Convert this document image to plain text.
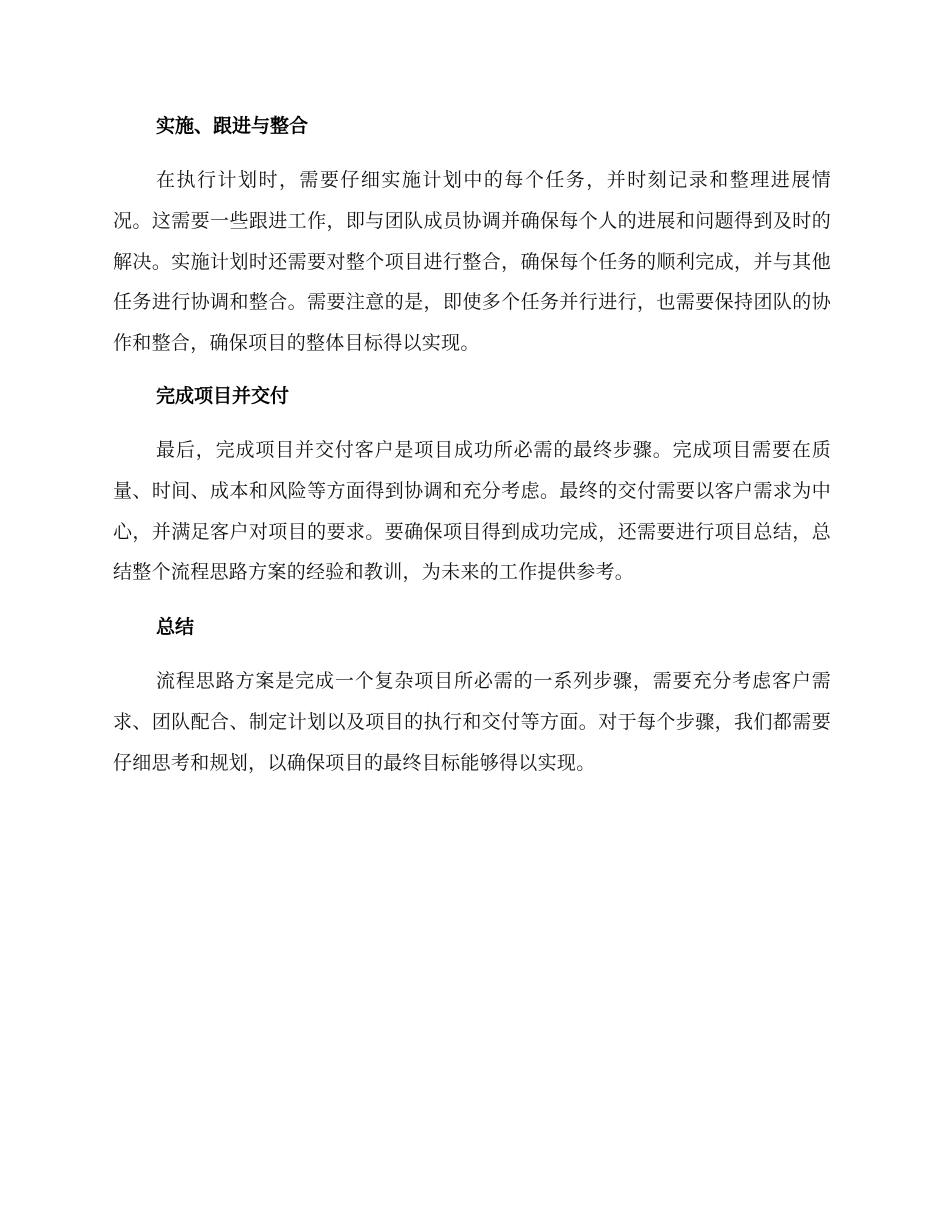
实施、跟进与整合

在执行计划时，需要仔细实施计划中的每个任务，并时刻记录和整理进展情况。这需要一些跟进工作，即与团队成员协调并确保每个人的进展和问题得到及时的解决。实施计划时还需要对整个项目进行整合，确保每个任务的顺利完成，并与其他任务进行协调和整合。需要注意的是，即使多个任务并行进行，也需要保持团队的协作和整合，确保项目的整体目标得以实现。

完成项目并交付

最后，完成项目并交付客户是项目成功所必需的最终步骤。完成项目需要在质量、时间、成本和风险等方面得到协调和充分考虑。最终的交付需要以客户需求为中心，并满足客户对项目的要求。要确保项目得到成功完成，还需要进行项目总结，总结整个流程思路方案的经验和教训，为未来的工作提供参考。

总结

流程思路方案是完成一个复杂项目所必需的一系列步骤，需要充分考虑客户需求、团队配合、制定计划以及项目的执行和交付等方面。对于每个步骤，我们都需要仔细思考和规划，以确保项目的最终目标能够得以实现。
